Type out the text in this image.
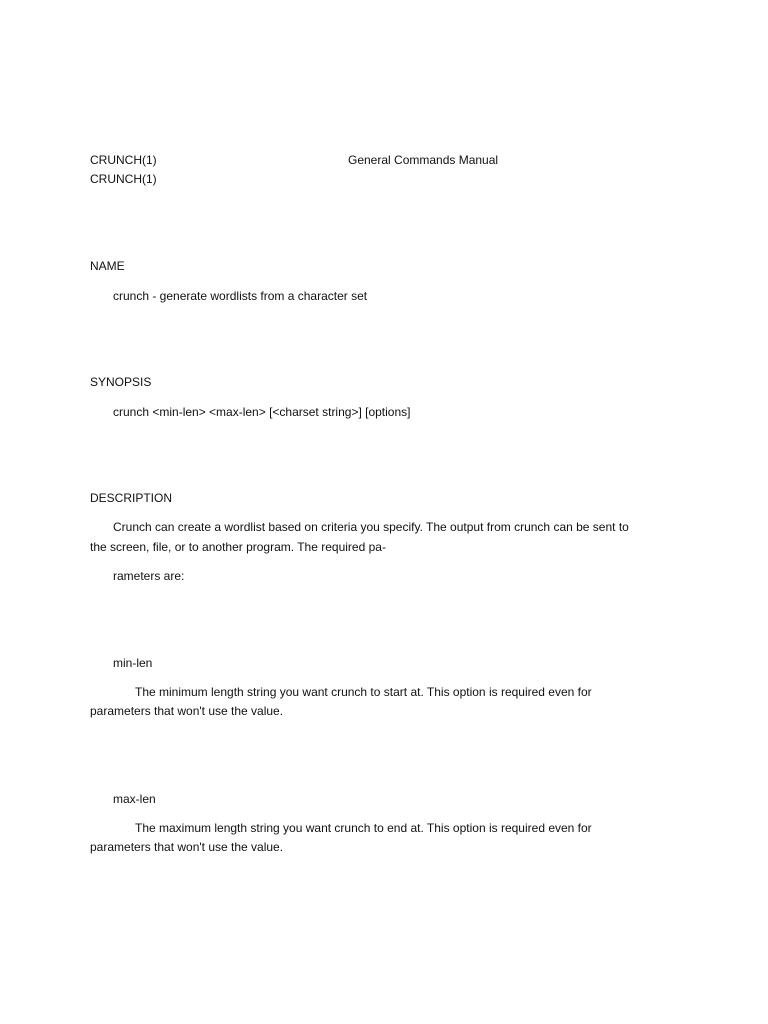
CRUNCH(1)	General Commands Manual
CRUNCH(1)
NAME
crunch - generate wordlists from a character set
SYNOPSIS
crunch <min-len> <max-len> [<charset string>] [options]
DESCRIPTION
Crunch can create a wordlist based on criteria you specify. The output from crunch can be sent to
the screen, file, or to another program. The required pa-
rameters are:
min-len
The minimum length string you want crunch to start at. This option is required even for
parameters that won't use the value.
max-len
The maximum length string you want crunch to end at. This option is required even for
parameters that won't use the value.
